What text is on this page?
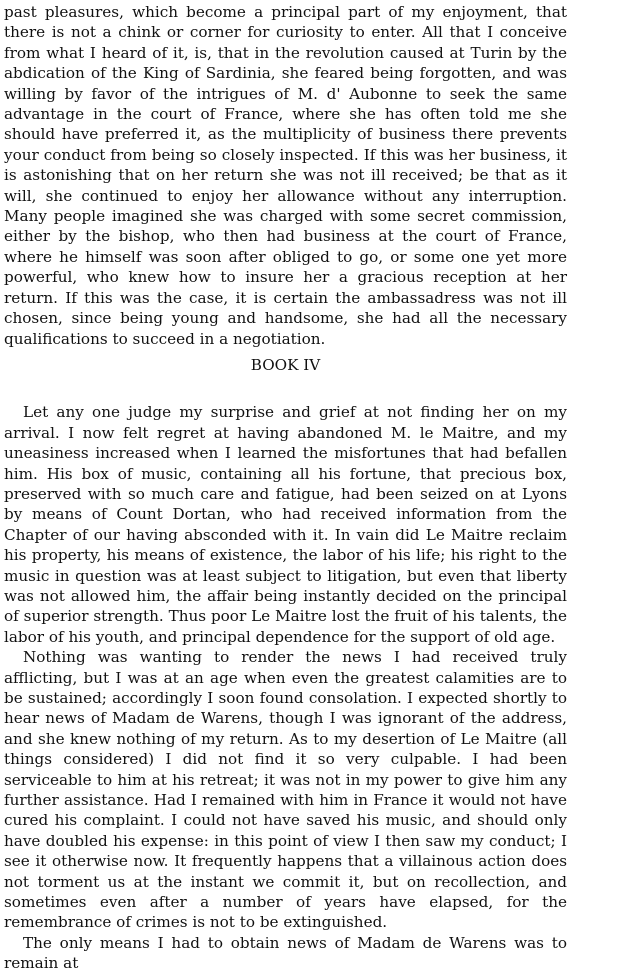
past pleasures, which become a principal part of my enjoyment, that there is not a chink or corner for curiosity to enter. All that I conceive from what I heard of it, is, that in the revolution caused at Turin by the abdication of the King of Sardinia, she feared being forgotten, and was willing by favor of the intrigues of M. d' Aubonne to seek the same advantage in the court of France, where she has often told me she should have preferred it, as the multiplicity of business there prevents your conduct from being so closely inspected. If this was her business, it is astonishing that on her return she was not ill received; be that as it will, she continued to enjoy her allowance without any interruption. Many people imagined she was charged with some secret commission, either by the bishop, who then had business at the court of France, where he himself was soon after obliged to go, or some one yet more powerful, who knew how to insure her a gracious reception at her return. If this was the case, it is certain the ambassadress was not ill chosen, since being young and handsome, she had all the necessary qualifications to succeed in a negotiation.

BOOK IV

Let any one judge my surprise and grief at not finding her on my arrival. I now felt regret at having abandoned M. le Maitre, and my uneasiness increased when I learned the misfortunes that had befallen him. His box of music, containing all his fortune, that precious box, preserved with so much care and fatigue, had been seized on at Lyons by means of Count Dortan, who had received information from the Chapter of our having absconded with it. In vain did Le Maitre reclaim his property, his means of existence, the labor of his life; his right to the music in question was at least subject to litigation, but even that liberty was not allowed him, the affair being instantly decided on the principal of superior strength. Thus poor Le Maitre lost the fruit of his talents, the labor of his youth, and principal dependence for the support of old age.

Nothing was wanting to render the news I had received truly afflicting, but I was at an age when even the greatest calamities are to be sustained; accordingly I soon found consolation. I expected shortly to hear news of Madam de Warens, though I was ignorant of the address, and she knew nothing of my return. As to my desertion of Le Maitre (all things considered) I did not find it so very culpable. I had been serviceable to him at his retreat; it was not in my power to give him any further assistance. Had I remained with him in France it would not have cured his complaint. I could not have saved his music, and should only have doubled his expense: in this point of view I then saw my conduct; I see it otherwise now. It frequently happens that a villainous action does not torment us at the instant we commit it, but on recollection, and sometimes even after a number of years have elapsed, for the remembrance of crimes is not to be extinguished.

The only means I had to obtain news of Madam de Warens was to remain at
